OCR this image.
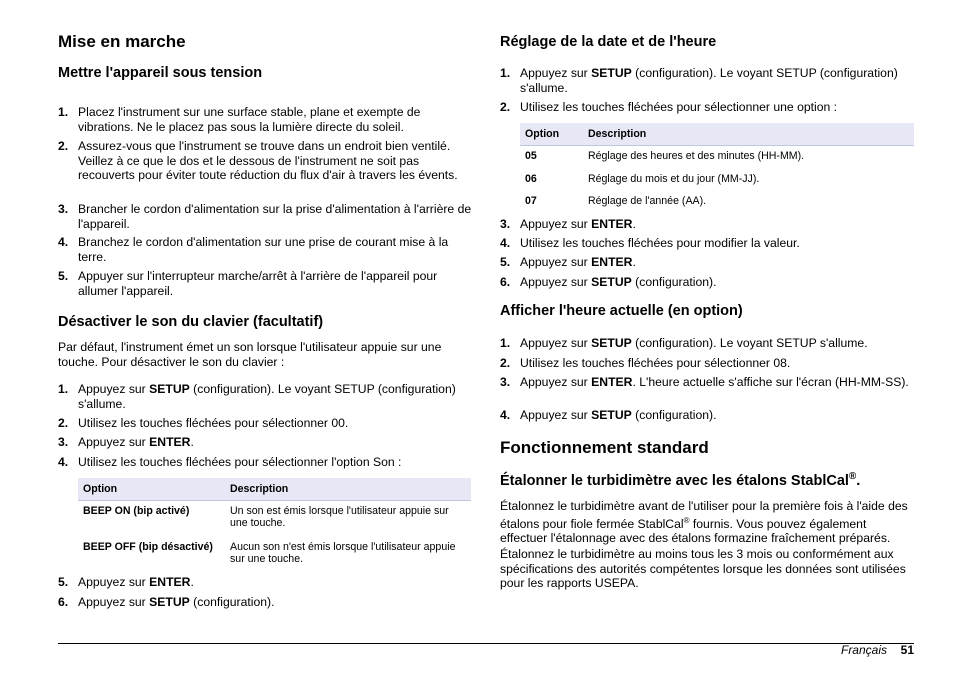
Mise en marche
Mettre l'appareil sous tension
1. Placez l'instrument sur une surface stable, plane et exempte de vibrations. Ne le placez pas sous la lumière directe du soleil.
2. Assurez-vous que l'instrument se trouve dans un endroit bien ventilé. Veillez à ce que le dos et le dessous de l'instrument ne soit pas recouverts pour éviter toute réduction du flux d'air à travers les évents.
3. Brancher le cordon d'alimentation sur la prise d'alimentation à l'arrière de l'appareil.
4. Branchez le cordon d'alimentation sur une prise de courant mise à la terre.
5. Appuyer sur l'interrupteur marche/arrêt à l'arrière de l'appareil pour allumer l'appareil.
Désactiver le son du clavier (facultatif)
Par défaut, l'instrument émet un son lorsque l'utilisateur appuie sur une touche. Pour désactiver le son du clavier :
1. Appuyez sur SETUP (configuration). Le voyant SETUP (configuration) s'allume.
2. Utilisez les touches fléchées pour sélectionner 00.
3. Appuyez sur ENTER.
4. Utilisez les touches fléchées pour sélectionner l'option Son :
Option	Description
BEEP ON (bip activé)	Un son est émis lorsque l'utilisateur appuie sur une touche.
BEEP OFF (bip désactivé)	Aucun son n'est émis lorsque l'utilisateur appuie sur une touche.
5. Appuyez sur ENTER.
6. Appuyez sur SETUP (configuration).
Réglage de la date et de l'heure
1. Appuyez sur SETUP (configuration). Le voyant SETUP (configuration) s'allume.
2. Utilisez les touches fléchées pour sélectionner une option :
Option	Description
05	Réglage des heures et des minutes (HH-MM).
06	Réglage du mois et du jour (MM-JJ).
07	Réglage de l'année (AA).
3. Appuyez sur ENTER.
4. Utilisez les touches fléchées pour modifier la valeur.
5. Appuyez sur ENTER.
6. Appuyez sur SETUP (configuration).
Afficher l'heure actuelle (en option)
1. Appuyez sur SETUP (configuration). Le voyant SETUP s'allume.
2. Utilisez les touches fléchées pour sélectionner 08.
3. Appuyez sur ENTER. L'heure actuelle s'affiche sur l'écran (HH-MM-SS).
4. Appuyez sur SETUP (configuration).
Fonctionnement standard
Étalonner le turbidimètre avec les étalons StablCal®.
Étalonnez le turbidimètre avant de l'utiliser pour la première fois à l'aide des étalons pour fiole fermée StablCal® fournis. Vous pouvez également effectuer l'étalonnage avec des étalons formazine fraîchement préparés.
Étalonnez le turbidimètre au moins tous les 3 mois ou conformément aux spécifications des autorités compétentes lorsque les données sont utilisées pour les rapports USEPA.
Français 51
